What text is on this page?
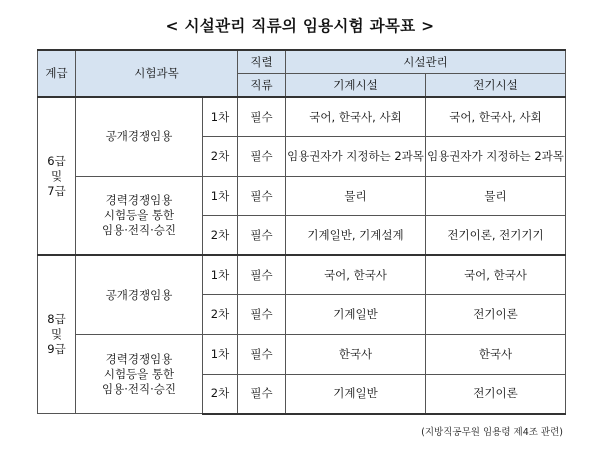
< 시설관리 직류의 임용시험 과목표 >
계급	시험과목		직렬	시설관리	
			직류	기계시설	전기시설
6급
및
7급	공개경쟁임용	1차	필수	국어, 한국사, 사회	국어, 한국사, 사회
		2차	필수	임용권자가 지정하는 2과목	임용권자가 지정하는 2과목
	경력경쟁임용
시험등을 통한
임용·전직·승진	1차	필수	물리	물리
		2차	필수	기계일반, 기계설계	전기이론, 전기기기
8급
및
9급	공개경쟁임용	1차	필수	국어, 한국사	국어, 한국사
		2차	필수	기계일반	전기이론
	경력경쟁임용
시험등을 통한
임용·전직·승진	1차	필수	한국사	한국사
		2차	필수	기계일반	전기이론
(지방직공무원 임용령 제4조 관련)
